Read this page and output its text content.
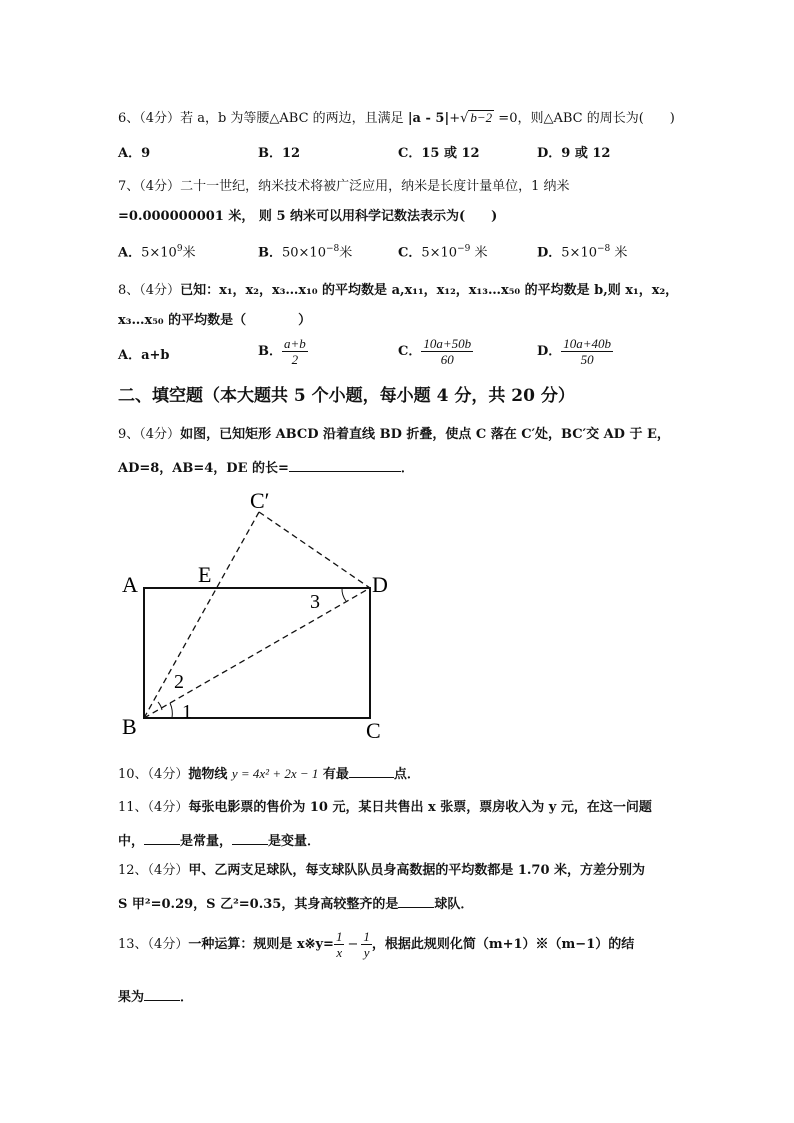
6、（4分）若 a，b 为等腰△ABC 的两边，且满足 |a - 5|+√ b−2 =0，则△ABC 的周长为(　　)
A．9	B．12	C．15 或 12	D．9 或 12
7、（4分）二十一世纪，纳米技术将被广泛应用，纳米是长度计量单位，1 纳米
=0.000000001 米， 则 5 纳米可以用科学记数法表示为(　　)
A．$5\times 10^9$米	B．$50\times 10^{-8}$米	C．$5\times 10^{-9}$ 米	D．$5\times 10^{-8}$ 米
8、（4分）已知：x₁，x₂，x₃…x₁₀ 的平均数是 a,x₁₁，x₁₂，x₁₃…x₅₀ 的平均数是 b,则 x₁，x₂，
x₃…x₅₀ 的平均数是（　　　　）
A．a+b	B． $\frac{a+b}{2}$	C． $\frac{10a+50b}{60}$	D． $\frac{10a+40b}{50}$
二、填空题（本大题共 5 个小题，每小题 4 分，共 20 分）
9、（4分）如图，已知矩形 ABCD 沿着直线 BD 折叠，使点 C 落在 C′处，BC′交 AD 于 E，
AD=8，AB=4，DE 的长=	．
C′
A	E	D
3
2
B
1
C
10、（4分）抛物线 y = 4x² + 2x − 1 有最	点．
11、（4分）每张电影票的售价为 10 元，某日共售出 x 张票，票房收入为 y 元，在这一问题
中，	是常量，	是变量．
12、（4分）甲、乙两支足球队，每支球队队员身高数据的平均数都是 1.70 米，方差分别为
S 甲²=0.29，S 乙²=0.35，其身高较整齐的是	球队．
13、（4分）一种运算：规则是 x※y= $\frac{1}{x} - \frac{1}{y}$ ，根据此规则化简（m+1）※（m−1）的结
果为	．
